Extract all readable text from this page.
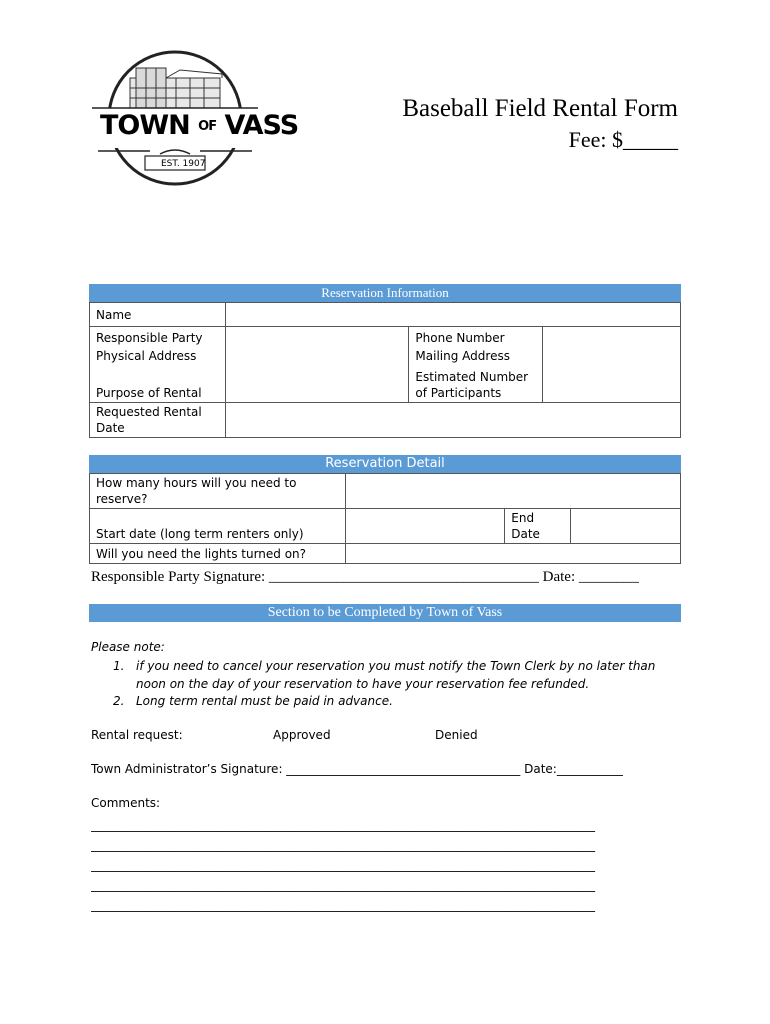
TOWN OF VASS
EST. 1907
Baseball Field Rental Form
Fee: $_____
Reservation Information
Name			
Responsible Party		Phone Number	
Physical Address		Mailing Address	
Purpose of Rental		Estimated Number of Participants	
Requested Rental Date			
Reservation Detail
How many hours will you need to reserve?			
Start date (long term renters only)		End Date	
Will you need the lights turned on?			
Responsible Party Signature: ____________________________________ Date: ________
Section to be Completed by Town of Vass
Please note:
1. if you need to cancel your reservation you must notify the Town Clerk by no later than noon on the day of your reservation to have your reservation fee refunded.
2. Long term rental must be paid in advance.
Rental request:	Approved	Denied
Town Administrator’s Signature: _______________________________________ Date:___________
Comments:
____________________________________________________________________________________
____________________________________________________________________________________
____________________________________________________________________________________
____________________________________________________________________________________
____________________________________________________________________________________
